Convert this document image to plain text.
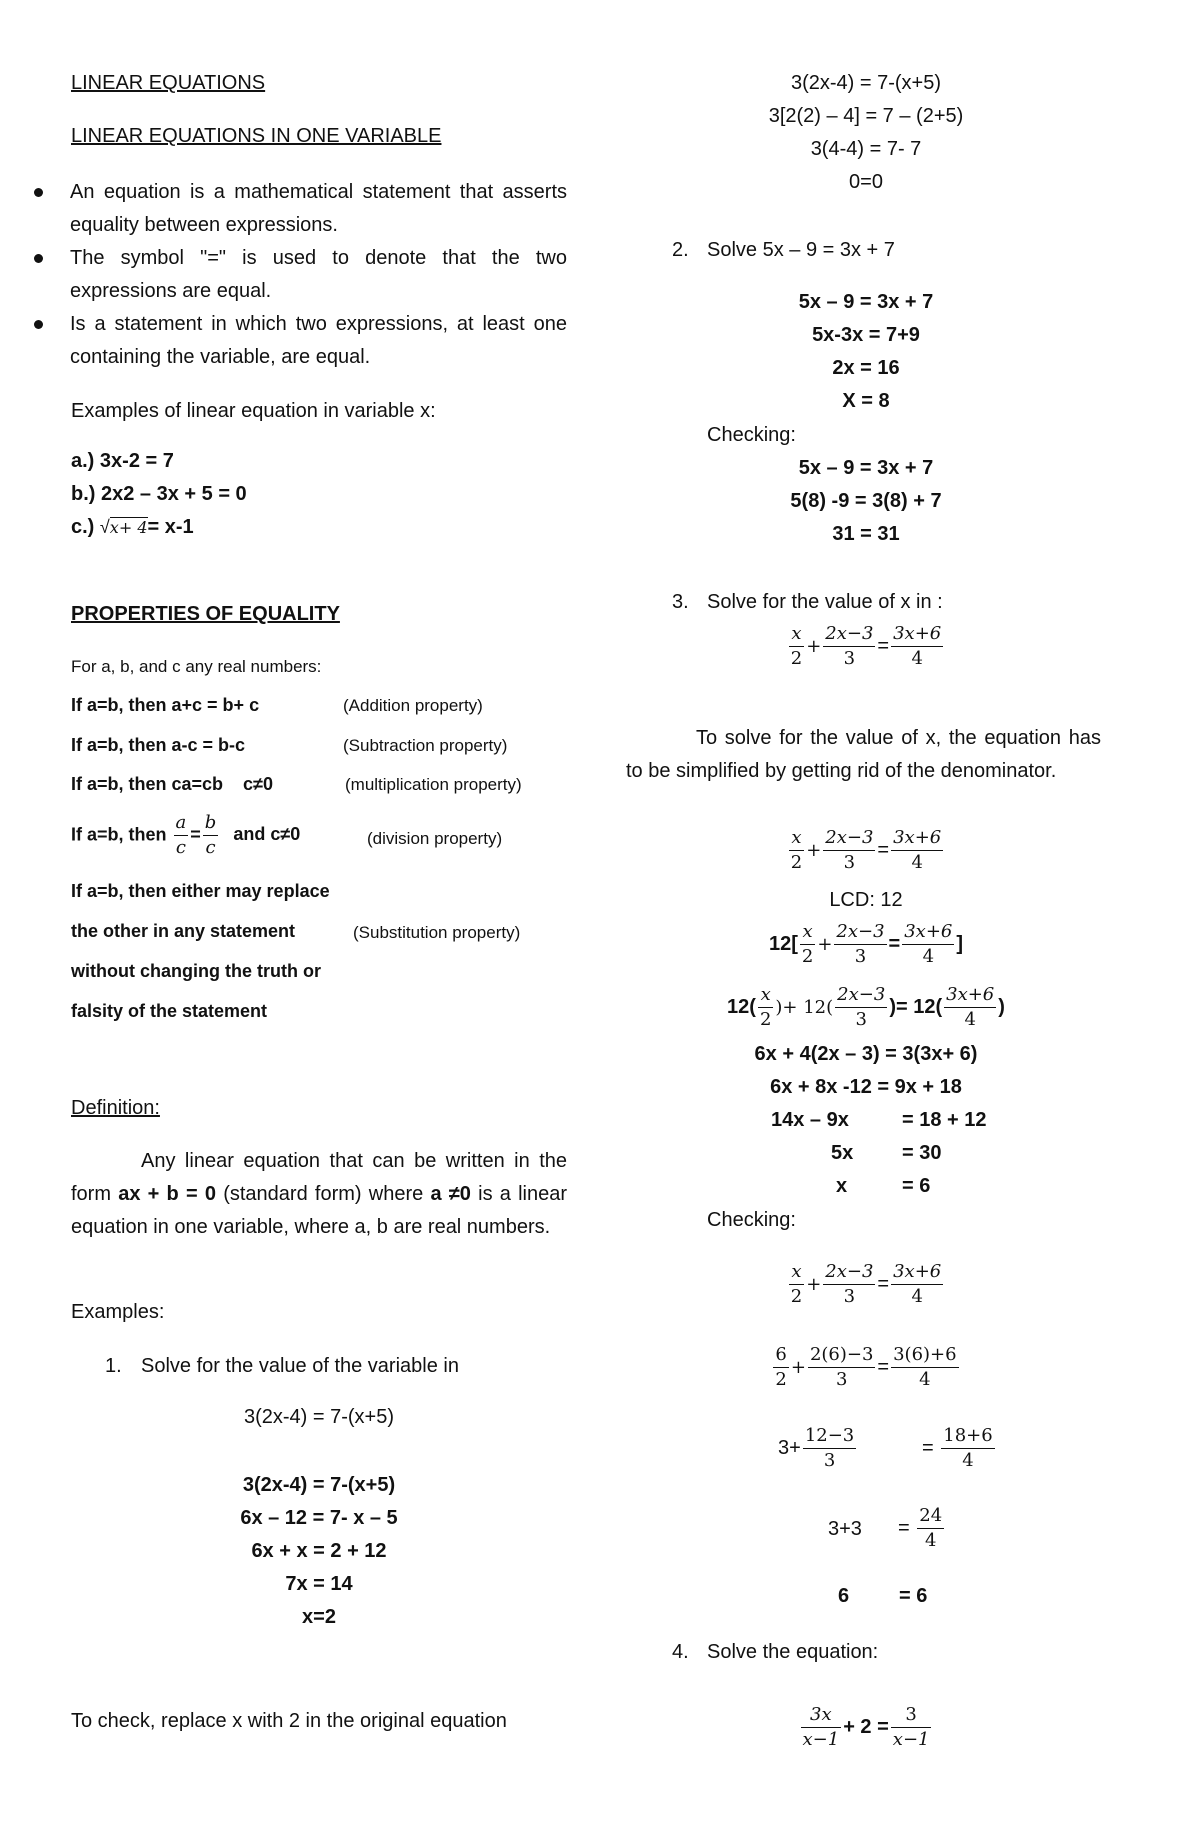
LINEAR EQUATIONS
LINEAR EQUATIONS IN ONE VARIABLE
An equation is a mathematical statement that asserts equality between expressions.
The symbol "=" is used to denote that the two expressions are equal.
Is a statement in which two expressions, at least one containing the variable, are equal.
Examples of linear equation in variable x:
a.) 3x-2 = 7
b.) 2x2 – 3x + 5 = 0
c.) √x+ 4= x-1
PROPERTIES OF EQUALITY
For a, b, and c any real numbers:
If a=b, then a+c = b+ c	(Addition property)
If a=b, then a-c = b-c	(Subtraction property)
If a=b, then ca=cb    c≠0	(multiplication property)
If a=b, then $\frac{a}{c} = \frac{b}{c}$ and c≠0	(division property)
If a=b, then either may replace
the other in any statement
without changing the truth or
falsity of the statement
(Substitution property)
Definition:
Any linear equation that can be written in the form ax + b = 0 (standard form) where a ≠0 is a linear equation in one variable, where a, b are real numbers.
Examples:
1. Solve for the value of the variable in
3(2x-4) = 7-(x+5)
3(2x-4) = 7-(x+5)
6x – 12 = 7- x – 5
6x + x = 2 + 12
7x = 14
x=2
To check, replace x with 2 in the original equation
3(2x-4) = 7-(x+5)
3[2(2) – 4] = 7 – (2+5)
3(4-4) = 7- 7
0=0
2. Solve 5x – 9 = 3x + 7
5x – 9 = 3x + 7
5x-3x = 7+9
2x = 16
X = 8
Checking:
5x – 9 = 3x + 7
5(8) -9 = 3(8) + 7
31 = 31
3. Solve for the value of x in :
$\frac{x}{2} + \frac{2x-3}{3} = \frac{3x+6}{4}$
To solve for the value of x, the equation has to be simplified by getting rid of the denominator.
$\frac{x}{2} + \frac{2x-3}{3} = \frac{3x+6}{4}$
LCD: 12
$12[ \frac{x}{2} + \frac{2x-3}{3} = \frac{3x+6}{4}$ ]
$12( \frac{x}{2}$ )+ $12( \frac{2x-3}{3}$ )= $12( \frac{3x+6}{4}$ )
6x + 4(2x – 3) = 3(3x+ 6)
6x + 8x -12 = 9x + 18
14x – 9x	= 18 + 12
5x = 30
x	= 6
Checking:
$\frac{x}{2} + \frac{2x-3}{3} = \frac{3x+6}{4}$
$\frac{6}{2} + \frac{2(6)-3}{3} = \frac{3(6)+6}{4}$
$3+ \frac{12-3}{3}$	= $\frac{18+6}{4}$
$3+3 = \frac{24}{4}$
6 = 6
4. Solve the equation:
$\frac{3x}{x-1} + 2 = \frac{3}{x-1}$
